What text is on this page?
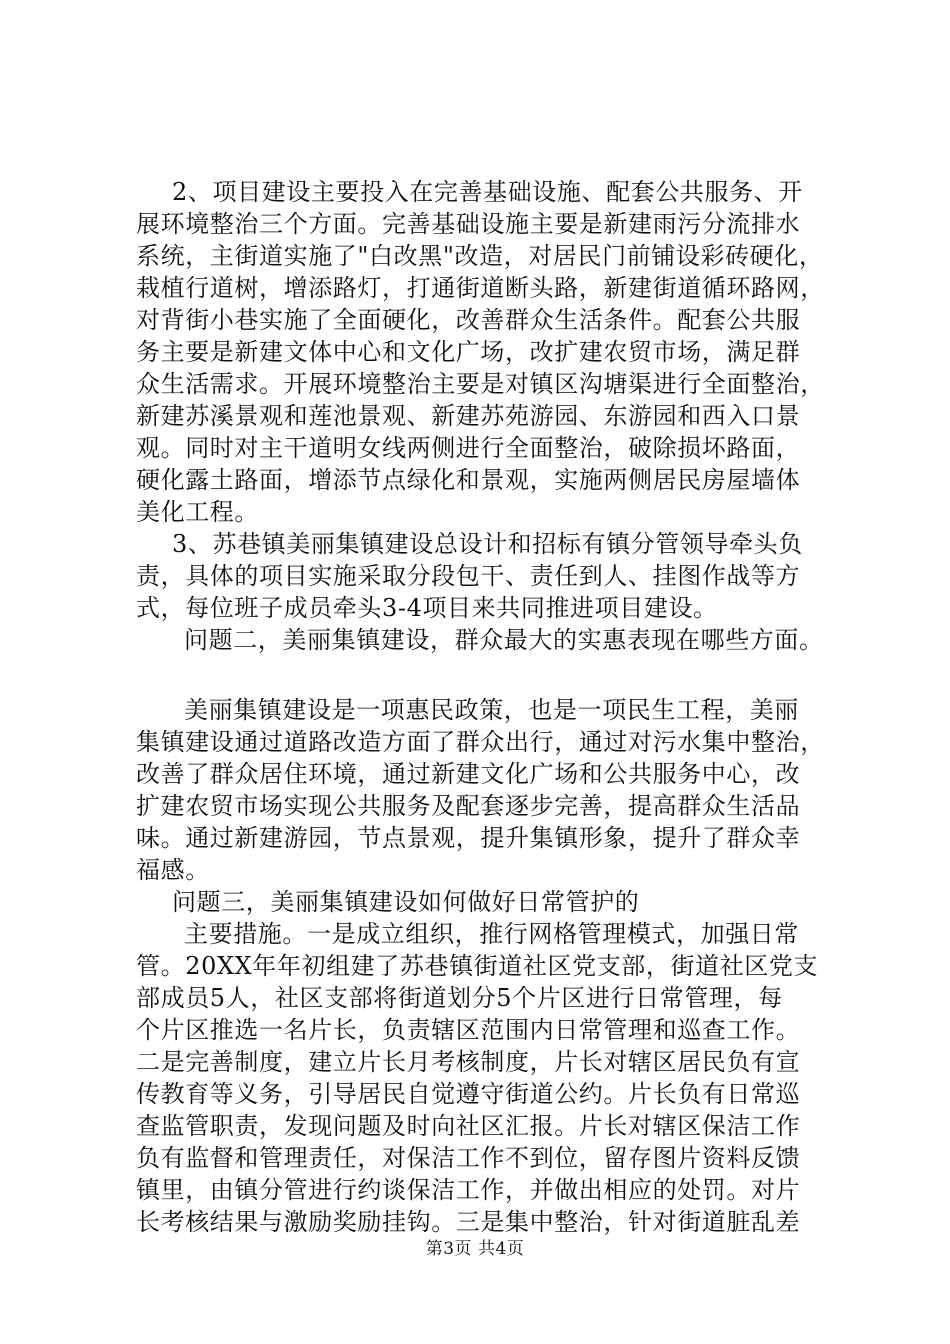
2、项目建设主要投入在完善基础设施、配套公共服务、开
展环境整治三个方面。完善基础设施主要是新建雨污分流排水
系统，主街道实施了"白改黑"改造，对居民门前铺设彩砖硬化，
栽植行道树，增添路灯，打通街道断头路，新建街道循环路网，
对背街小巷实施了全面硬化，改善群众生活条件。配套公共服
务主要是新建文体中心和文化广场，改扩建农贸市场，满足群
众生活需求。开展环境整治主要是对镇区沟塘渠进行全面整治，
新建苏溪景观和莲池景观、新建苏苑游园、东游园和西入口景
观。同时对主干道明女线两侧进行全面整治，破除损坏路面，
硬化露土路面，增添节点绿化和景观，实施两侧居民房屋墙体
美化工程。
3、苏巷镇美丽集镇建设总设计和招标有镇分管领导牵头负
责，具体的项目实施采取分段包干、责任到人、挂图作战等方
式，每位班子成员牵头3-4项目来共同推进项目建设。
问题二，美丽集镇建设，群众最大的实惠表现在哪些方面。
美丽集镇建设是一项惠民政策，也是一项民生工程，美丽
集镇建设通过道路改造方面了群众出行，通过对污水集中整治，
改善了群众居住环境，通过新建文化广场和公共服务中心，改
扩建农贸市场实现公共服务及配套逐步完善，提高群众生活品
味。通过新建游园，节点景观，提升集镇形象，提升了群众幸
福感。
问题三，美丽集镇建设如何做好日常管护的
主要措施。一是成立组织，推行网格管理模式，加强日常
管。20XX年年初组建了苏巷镇街道社区党支部，街道社区党支
部成员5人，社区支部将街道划分5个片区进行日常管理，每
个片区推选一名片长，负责辖区范围内日常管理和巡查工作。
二是完善制度，建立片长月考核制度，片长对辖区居民负有宣
传教育等义务，引导居民自觉遵守街道公约。片长负有日常巡
查监管职责，发现问题及时向社区汇报。片长对辖区保洁工作
负有监督和管理责任，对保洁工作不到位，留存图片资料反馈
镇里，由镇分管进行约谈保洁工作，并做出相应的处罚。对片
长考核结果与激励奖励挂钩。三是集中整治，针对街道脏乱差
第3页 共4页
